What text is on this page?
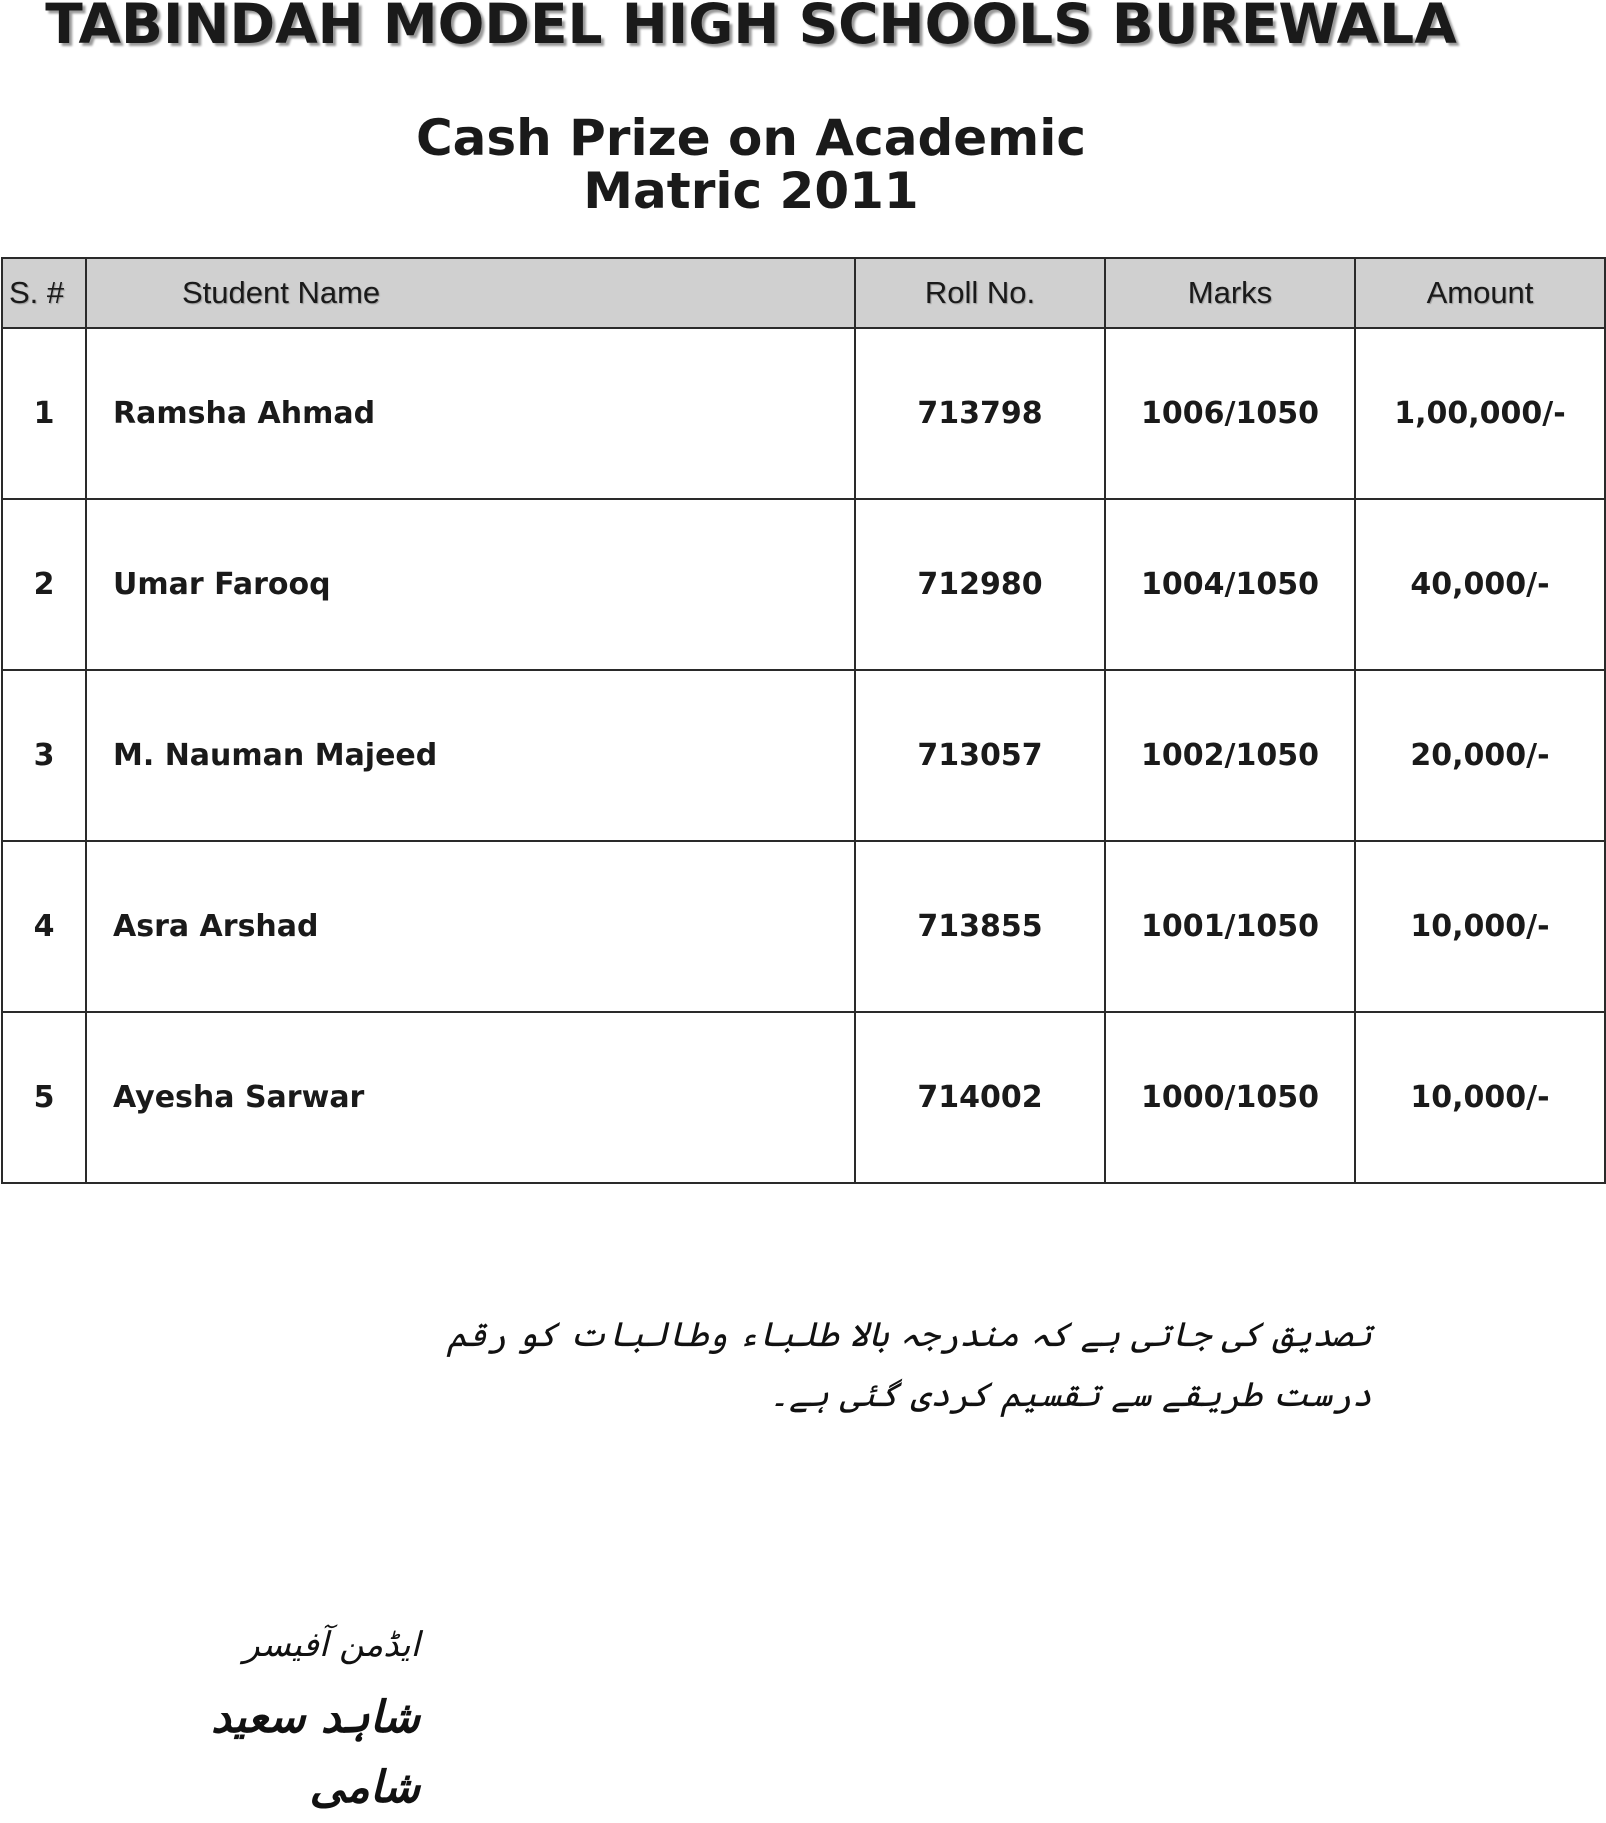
TABINDAH MODEL HIGH SCHOOLS BUREWALA
Cash Prize on Academic
Matric 2011
S. #	Student Name	Roll No.	Marks	Amount
1	Ramsha Ahmad	713798	1006/1050	1,00,000/-
2	Umar Farooq	712980	1004/1050	40,000/-
3	M. Nauman Majeed	713057	1002/1050	20,000/-
4	Asra Arshad	713855	1001/1050	10,000/-
5	Ayesha Sarwar	714002	1000/1050	10,000/-
تصدیق کی جاتی ہے کہ مندرجہ بالا طلباء وطالبات کو رقم درست طریقے سے تقسیم کردی گئی ہے۔
ایڈمن آفیسر
شاہد سعید شامی
